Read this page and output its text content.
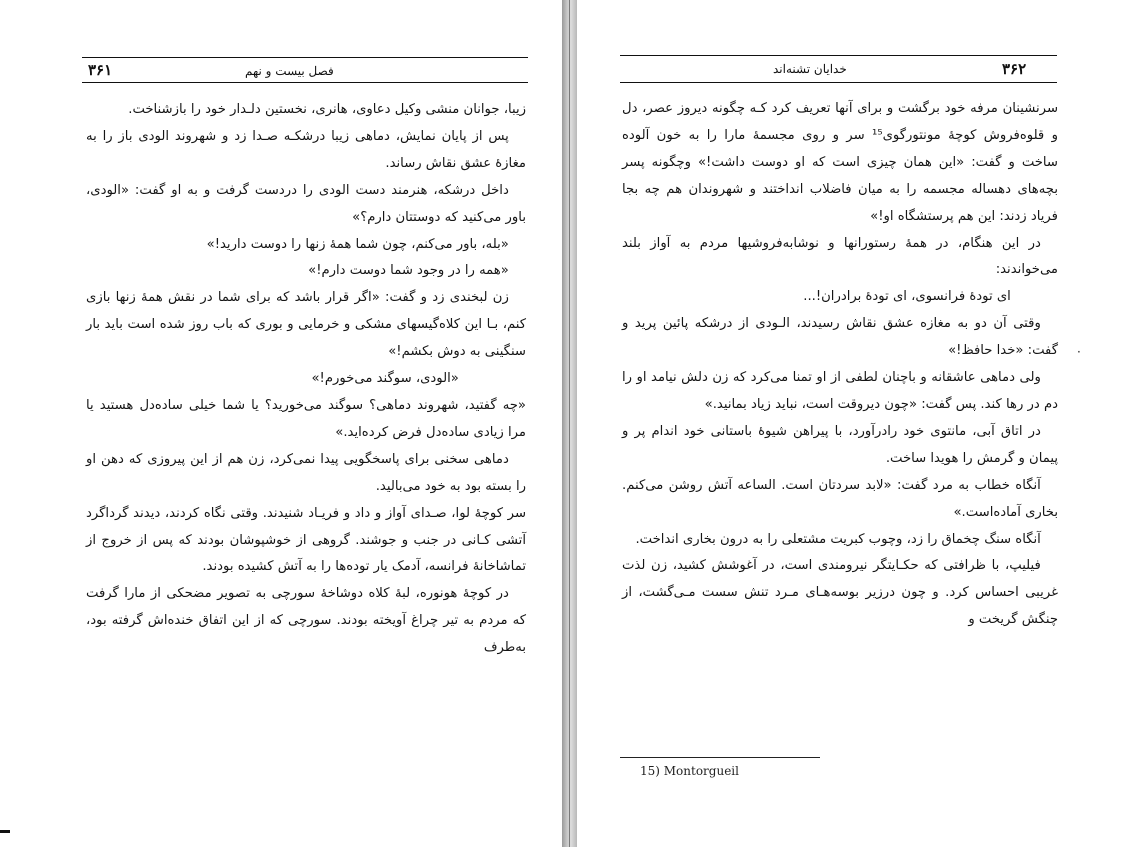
۳۶۱	فصل بیست و نهم

زیبا، جوانان منشی وکیل دعاوی، هانری، نخستین دلـدار خود را بازشناخت.

پس از پایان نمایش، دماهی زیبا درشکـه صـدا زد و شهروند الودی باز را به مغازهٔ عشق نقاش رساند.

داخل درشکه، هنرمند دست الودی را دردست گرفت و به او گفت: «الودی، باور می‌کنید که دوستتان دارم؟»

«بله، باور می‌کنم، چون شما همهٔ زنها را دوست دارید!»

«همه را در وجود شما دوست دارم!»

زن لبخندی زد و گفت: «اگر قرار باشد که برای شما در نقش همهٔ زنها بازی کنم، بـا این کلاه‌گیسهای مشکی و خرمایی و بوری که باب روز شده است باید بار سنگینی به دوش بکشم!»

«الودی، سوگند می‌خورم!»

«چه گفتید، شهروند دماهی؟ سوگند می‌خورید؟ یا شما خیلی ساده‌دل هستید یا مرا زیادی ساده‌دل فرض کرده‌اید.»

دماهی سخنی برای پاسخگویی پیدا نمی‌کرد، زن هم از این پیروزی که دهن او را بسته بود به خود می‌بالید.

سر کوچهٔ لوا، صـدای آواز و داد و فریـاد شنیدند. وقتی نگاه کردند، دیدند گرداگرد آتشی کـانی در جنب و جوشند. گروهی از خوشپوشان بودند که پس از خروج از تماشاخانهٔ فرانسه، آدمک یار توده‌ها را به آتش کشیده بودند.

در کوچهٔ هونوره، لبهٔ کلاه دوشاخهٔ سورچی به تصویر مضحکی از مارا گرفت که مردم به تیر چراغ آویخته بودند. سورچی که از این اتفاق خنده‌اش گرفته بود، به‌طرف

خدایان تشنه‌اند	۳۶۲

سرنشینان مرفه خود برگشت و برای آنها تعریف کرد کـه چگونه دیروز عصر، دل و قلوه‌فروش کوچهٔ مونتورگوی¹⁵ سر و روی مجسمهٔ مارا را به خون آلوده ساخت و گفت: «این همان چیزی است که او دوست داشت!» وچگونه پسر بچه‌های دهساله مجسمه را به میان فاضلاب انداختند و شهروندان هم چه بجا فریاد زدند: این هم پرستشگاه او!»

در این هنگام، در همهٔ رستورانها و نوشابه‌فروشیها مردم به آواز بلند می‌خواندند:

ای تودهٔ فرانسوی، ای تودهٔ برادران!...

وقتی آن دو به مغازه عشق نقاش رسیدند، الـودی از درشکه پائین پرید و گفت: «خدا حافظ!»

ولی دماهی عاشقانه و باچنان لطفی از او تمنا می‌کرد که زن دلش نیامد او را دم در رها کند. پس گفت: «چون دیروقت است، نباید زیاد بمانید.»

در اتاق آبی، مانتوی خود رادرآورد، با پیراهن شیوهٔ باستانی خود اندام پر و پیمان و گرمش را هویدا ساخت.

آنگاه خطاب به مرد گفت: «لابد سردتان است. الساعه آتش روشن می‌کنم. بخاری آماده‌است.»

آنگاه سنگ چخماق را زد، وچوب کبریت مشتعلی را به درون بخاری انداخت.

فیلیپ، با ظرافتی که حکـایتگر نیرومندی است، در آغوشش کشید، زن لذت غریبی احساس کرد. و چون درزیر بوسه‌هـای مـرد تنش سست مـی‌گشت، از چنگش گریخت و

·
15) Montorgueil
